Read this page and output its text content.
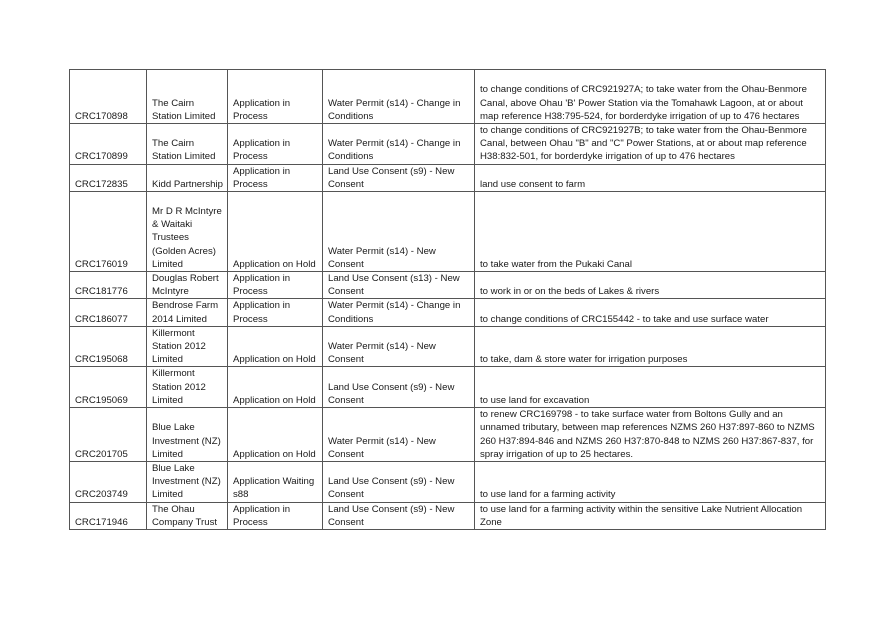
CRC170898	The Cairn Station Limited	Application in Process	Water Permit (s14) - Change in Conditions	to change conditions of CRC921927A; to take water from the Ohau-Benmore Canal, above Ohau 'B' Power Station via the Tomahawk Lagoon, at or about map reference H38:795-524, for borderdyke irrigation of up to 476 hectares
CRC170899	The Cairn Station Limited	Application in Process	Water Permit (s14) - Change in Conditions	to change conditions of CRC921927B; to take water from the Ohau-Benmore Canal, between Ohau "B" and "C" Power Stations, at or about map reference H38:832-501, for borderdyke irrigation of up to 476 hectares
CRC172835	Kidd Partnership	Application in Process	Land Use Consent (s9) - New Consent	land use consent to farm
CRC176019	Mr D R McIntyre & Waitaki Trustees (Golden Acres) Limited	Application on Hold	Water Permit (s14) - New Consent	to take water from the Pukaki Canal
CRC181776	Douglas Robert McIntyre	Application in Process	Land Use Consent (s13) - New Consent	to work in or on the beds of Lakes & rivers
CRC186077	Bendrose Farm 2014 Limited	Application in Process	Water Permit (s14) - Change in Conditions	to change conditions of CRC155442 - to take and use surface water
CRC195068	Killermont Station 2012 Limited	Application on Hold	Water Permit (s14) - New Consent	to take, dam & store water for irrigation purposes
CRC195069	Killermont Station 2012 Limited	Application on Hold	Land Use Consent (s9) - New Consent	to use land for excavation
CRC201705	Blue Lake Investment (NZ) Limited	Application on Hold	Water Permit (s14) - New Consent	to renew CRC169798 - to take surface water from Boltons Gully and an unnamed tributary, between map references NZMS 260 H37:897-860 to NZMS 260 H37:894-846 and NZMS 260 H37:870-848 to NZMS 260 H37:867-837, for spray irrigation of up to 25 hectares.
CRC203749	Blue Lake Investment (NZ) Limited	Application Waiting s88	Land Use Consent (s9) - New Consent	to use land for a farming activity
CRC171946	The Ohau Company Trust	Application in Process	Land Use Consent (s9) - New Consent	to use land for a farming activity within the sensitive Lake Nutrient Allocation Zone
